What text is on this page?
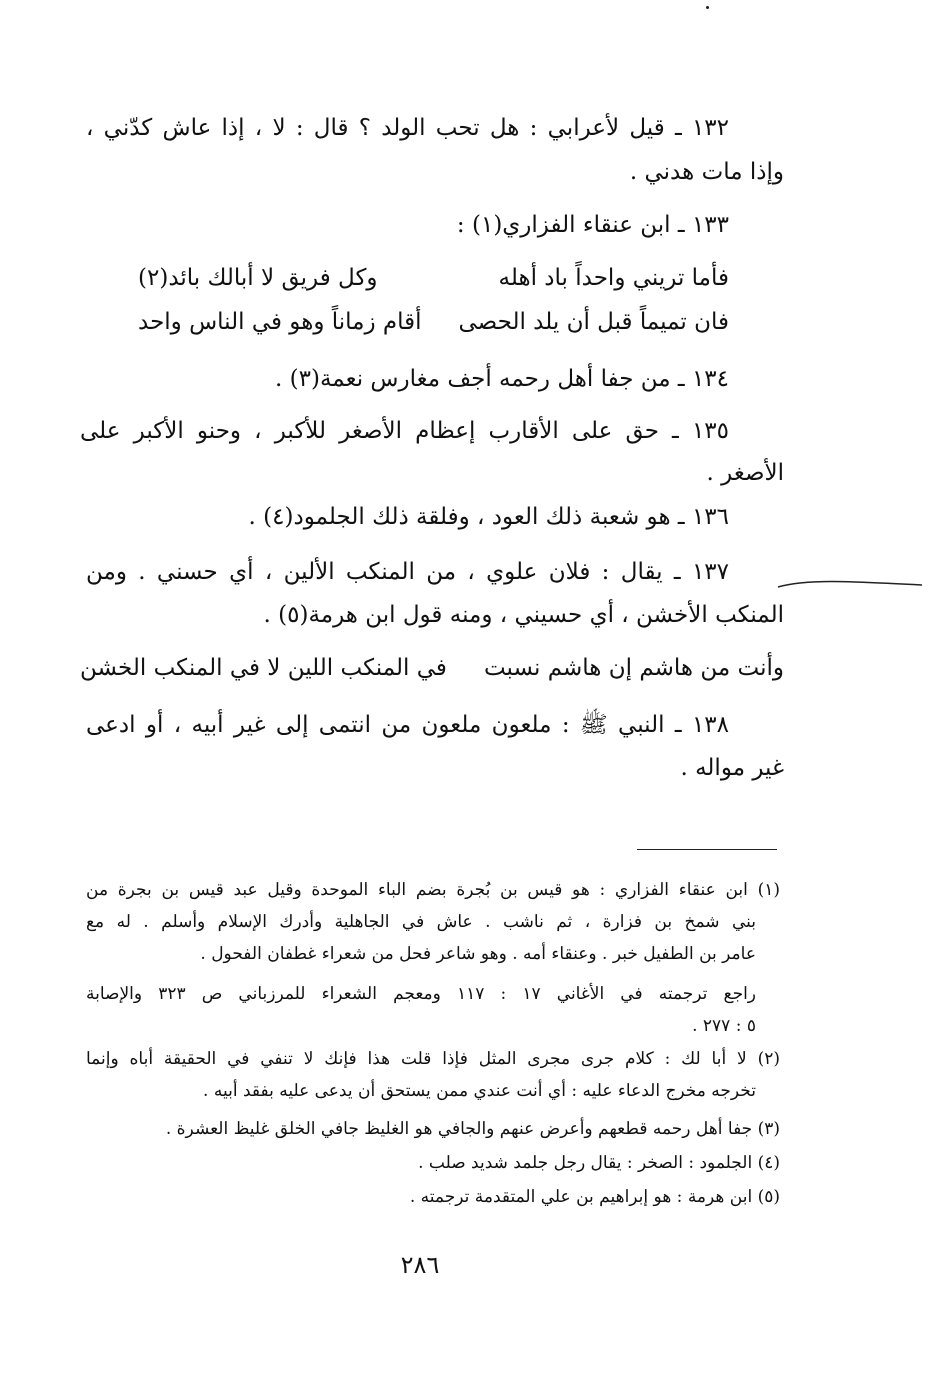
١٣٢ ـ قيل لأعرابي : هل تحب الولد ؟ قال : لا ، إذا عاش كدّني ،
وإذا مات هدني .
١٣٣ ـ ابن عنقاء الفزاري(١) :
فأما تريني واحداً باد أهله
وكل فريق لا أبالك بائد(٢)
فان تميماً قبل أن يلد الحصى
أقام زماناً وهو في الناس واحد
١٣٤ ـ من جفا أهل رحمه أجف مغارس نعمة(٣) .
١٣٥ ـ حق على الأقارب إعظام الأصغر للأكبر ، وحنو الأكبر على
الأصغر .
١٣٦ ـ هو شعبة ذلك العود ، وفلقة ذلك الجلمود(٤) .
١٣٧ ـ يقال : فلان علوي ، من المنكب الألين ، أي حسني . ومن
المنكب الأخشن ، أي حسيني ، ومنه قول ابن هرمة(٥) .
وأنت من هاشم إن هاشم نسبت
في المنكب اللين لا في المنكب الخشن
١٣٨ ـ النبي ﷺ : ملعون ملعون من انتمى إلى غير أبيه ، أو ادعى
غير مواله .
(١) ابن عنقاء الفزاري : هو قيس بن بُجرة بضم الباء الموحدة وقيل عبد قيس بن بجرة من
بني شمخ بن فزارة ، ثم ناشب . عاش في الجاهلية وأدرك الإسلام وأسلم . له مع
عامر بن الطفيل خبر . وعنقاء أمه . وهو شاعر فحل من شعراء غطفان الفحول .
راجع ترجمته في الأغاني ١٧ : ١١٧ ومعجم الشعراء للمرزباني ص ٣٢٣ والإصابة
٥ : ٢٧٧ .
(٢) لا أبا لك : كلام جرى مجرى المثل فإذا قلت هذا فإنك لا تنفي في الحقيقة أباه وإنما
تخرجه مخرج الدعاء عليه : أي أنت عندي ممن يستحق أن يدعى عليه بفقد أبيه .
(٣) جفا أهل رحمه قطعهم وأعرض عنهم والجافي هو الغليظ جافي الخلق غليظ العشرة .
(٤) الجلمود : الصخر : يقال رجل جلمد شديد صلب .
(٥) ابن هرمة : هو إبراهيم بن علي المتقدمة ترجمته .
٢٨٦
